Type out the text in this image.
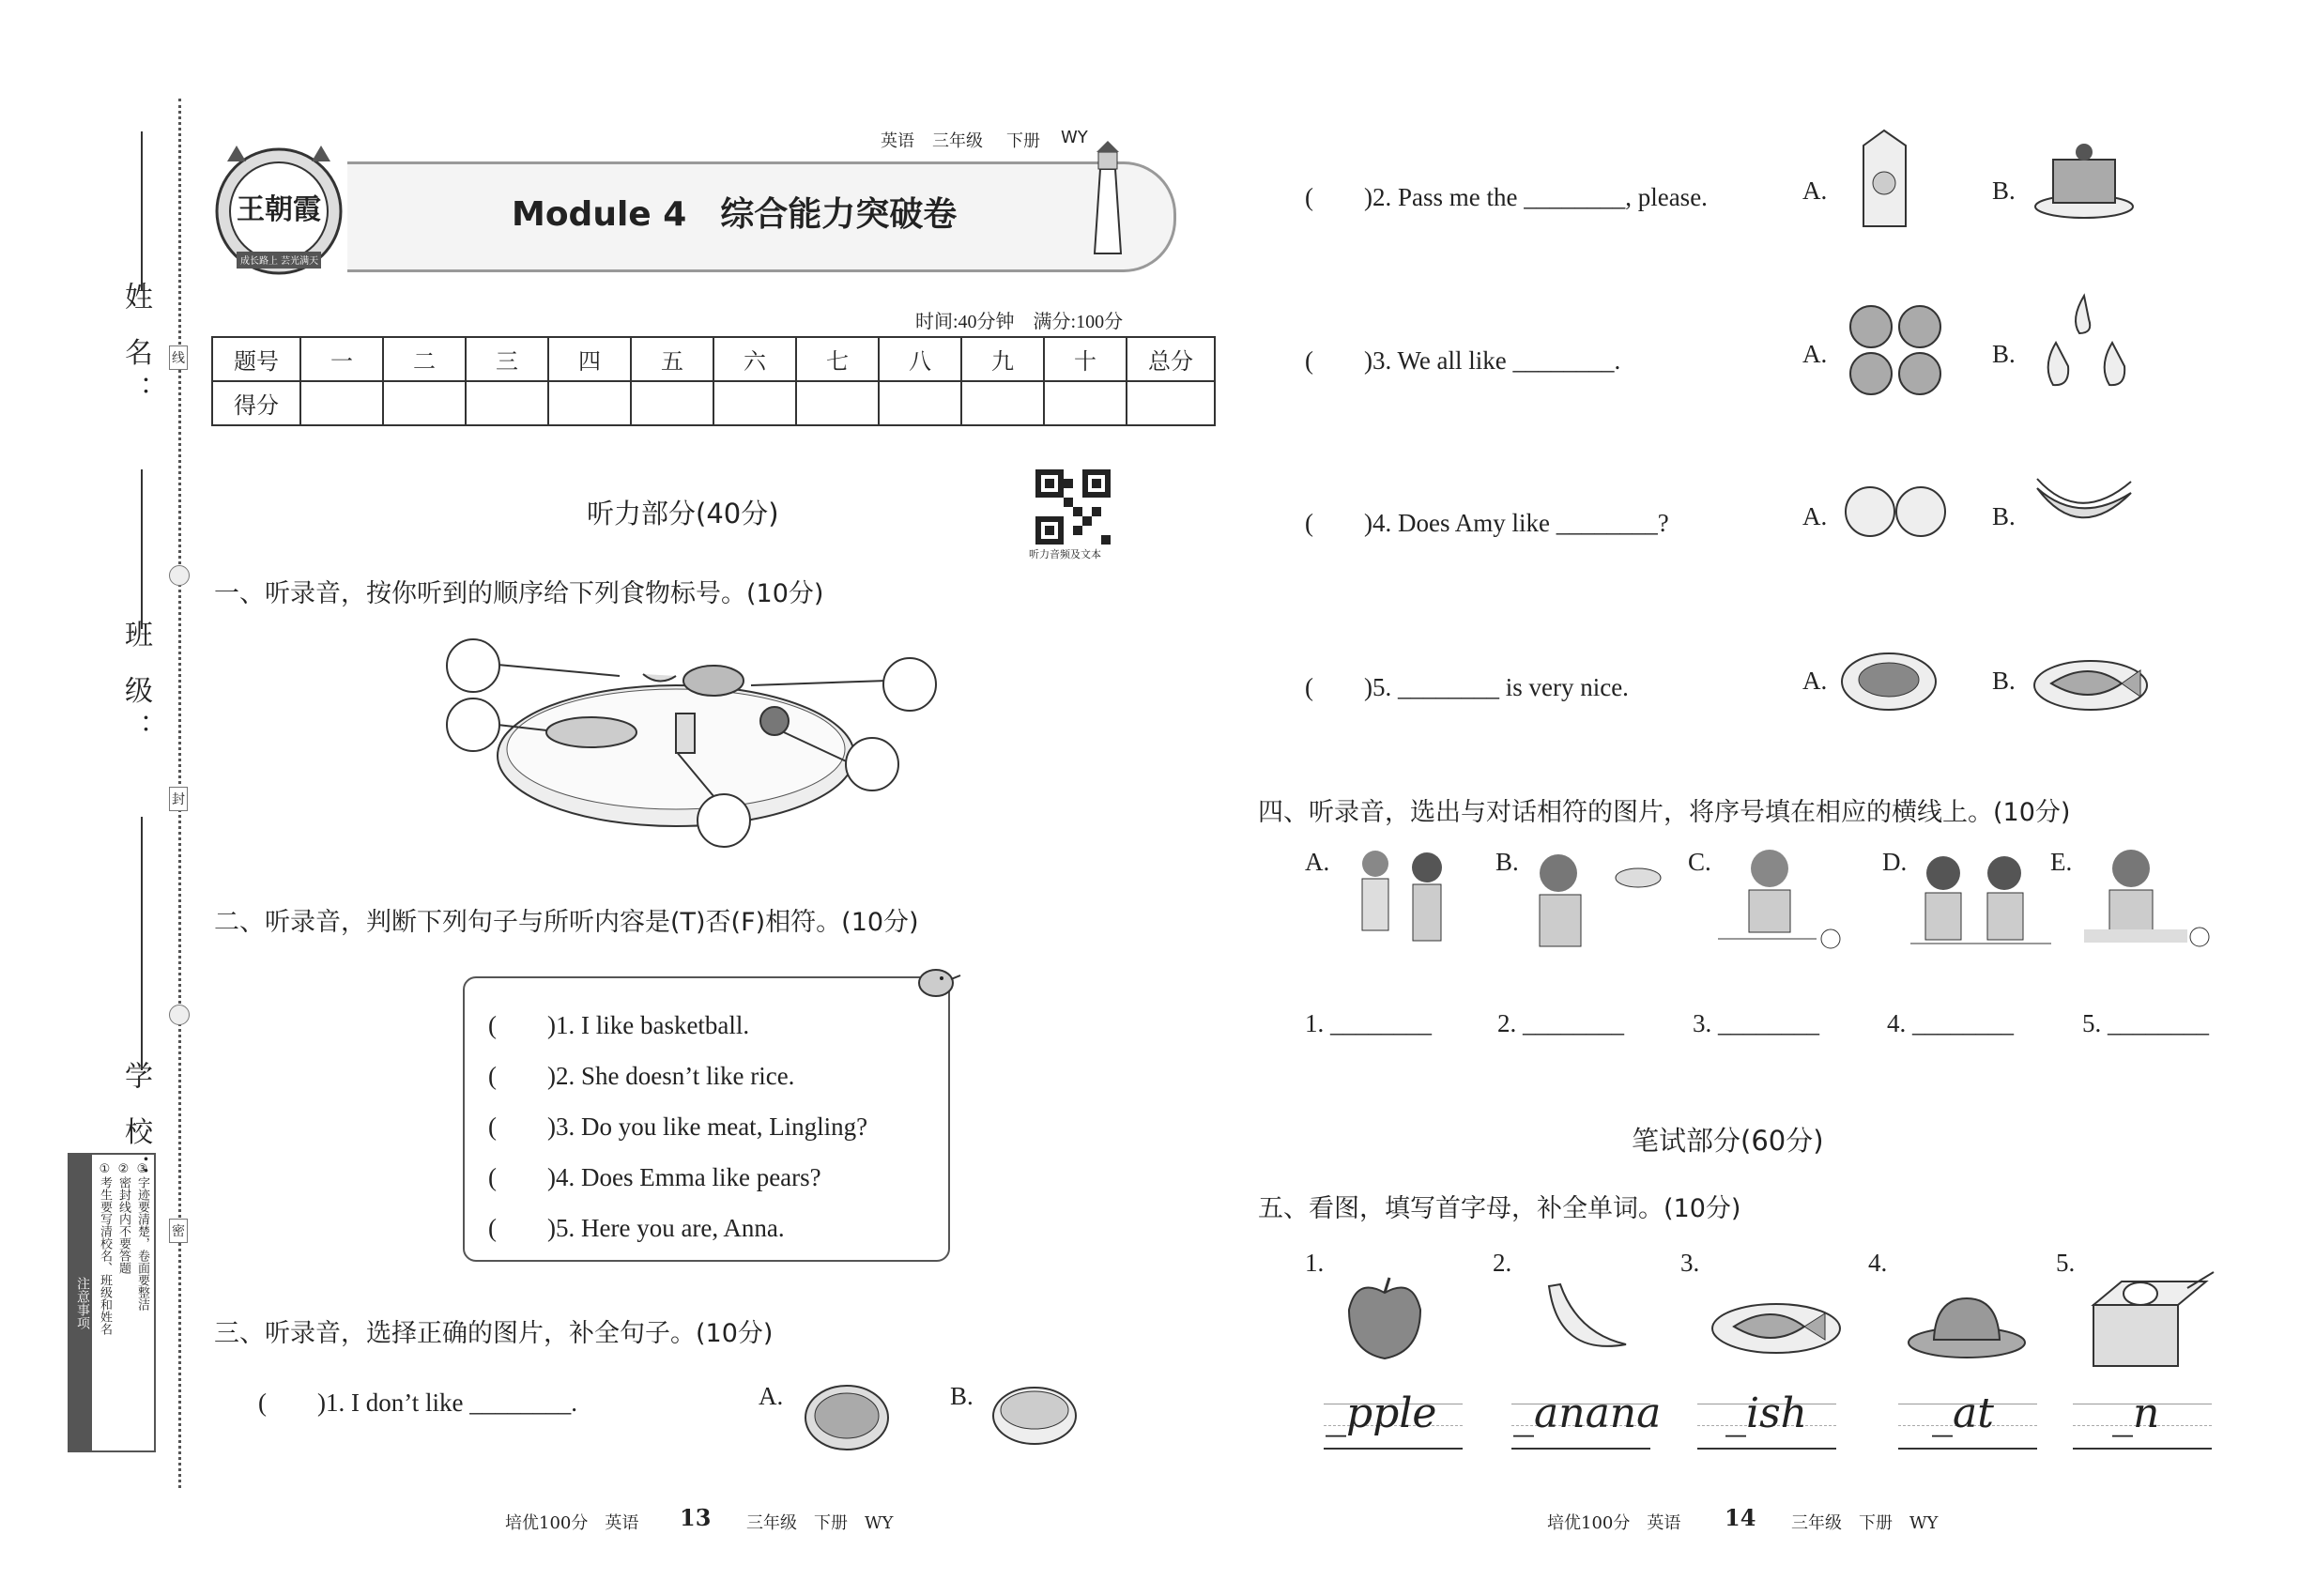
姓 名：
班 级：
学 校：
线
封
密
注意事项 ①考生要写清校名、班级和姓名 ②密封线内不要答题 ③字迹要清楚，卷面要整洁
王朝霞
成长路上 芸光满天
Module 4　综合能力突破卷
英语 三年级 下册 WY
时间:40分钟　满分:100分
题号	一	二	三	四	五	六	七	八	九	十	总分
得分											
听力部分(40分)
听力音频及文本
一、听录音，按你听到的顺序给下列食物标号。(10分)
二、听录音，判断下列句子与所听内容是(T)否(F)相符。(10分)
(　　)1. I like basketball.
(　　)2. She doesn’t like rice.
(　　)3. Do you like meat, Lingling?
(　　)4. Does Emma like pears?
(　　)5. Here you are, Anna.
三、听录音，选择正确的图片，补全句子。(10分)
(　　)1. I don’t like ________.	A.	B.
(　　)2. Pass me the ________, please.	A.	B.
(　　)3. We all like ________.	A.	B.
(　　)4. Does Amy like ________?	A.	B.
(　　)5. ________ is very nice.	A.	B.
四、听录音，选出与对话相符的图片，将序号填在相应的横线上。(10分)
A.	B.	C.	D.	E.
1. ________	2. ________	3. ________	4. ________	5. ________
笔试部分(60分)
五、看图，填写首字母，补全单词。(10分)
1.	2.	3.	4.	5.
_pple _anana _ish	_at	_n
培优100分　英语 13 三年级　下册　WY	培优100分　英语 14 三年级　下册　WY
